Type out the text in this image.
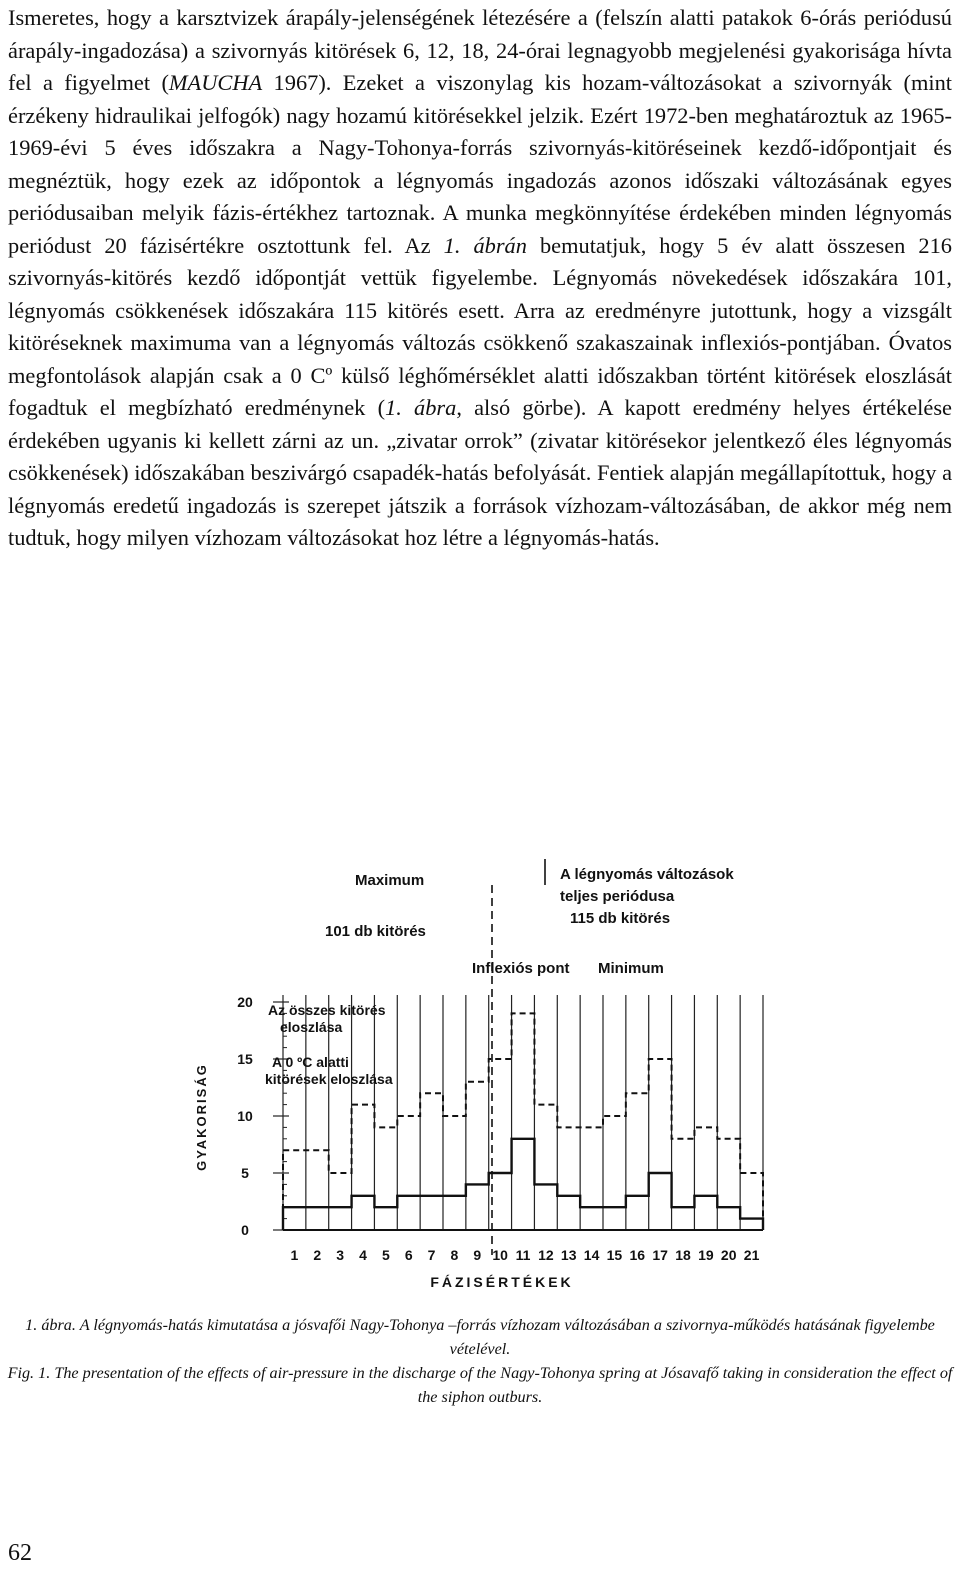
Ismeretes, hogy a karsztvizek árapály-jelenségének létezésére a (felszín alatti patakok 6-órás periódusú árapály-ingadozása) a szivornyás kitörések 6, 12, 18, 24-órai legnagyobb megjelenési gyakorisága hívta fel a figyelmet (MAUCHA 1967). Ezeket a viszonylag kis hozam-változásokat a szivornyák (mint érzékeny hidraulikai jelfogók) nagy hozamú kitörésekkel jelzik. Ezért 1972-ben meghatároztuk az 1965-1969-évi 5 éves időszakra a Nagy-Tohonya-forrás szivornyás-kitöréseinek kezdő-időpontjait és megnéztük, hogy ezek az időpontok a légnyomás ingadozás azonos időszaki változásának egyes periódusaiban melyik fázis-értékhez tartoznak. A munka megkönnyítése érdekében minden légnyomás periódust 20 fázisértékre osztottunk fel. Az 1. ábrán bemutatjuk, hogy 5 év alatt összesen 216 szivornyás-kitörés kezdő időpontját vettük figyelembe. Légnyomás növekedések időszakára 101, légnyomás csökkenések időszakára 115 kitörés esett. Arra az eredményre jutottunk, hogy a vizsgált kitöréseknek maximuma van a légnyomás változás csökkenő szakaszainak inflexiós-pontjában. Óvatos megfontolások alapján csak a 0 Cº külső léghőmérséklet alatti időszakban történt kitörések eloszlását fogadtuk el megbízható eredménynek (1. ábra, alsó görbe). A kapott eredmény helyes értékelése érdekében ugyanis ki kellett zárni az un. „zivatar orrok” (zivatar kitörésekor jelentkező éles légnyomás csökkenések) időszakában beszivárgó csapadék-hatás befolyását. Fentiek alapján megállapítottuk, hogy a légnyomás eredetű ingadozás is szerepet játszik a források vízhozam-változásában, de akkor még nem tudtuk, hogy milyen vízhozam változásokat hoz létre a légnyomás-hatás.

0
5
10
15
20
1 2 3 4 5 6 7 8 9 10 11 12 13 14 15 16 17 18 19 20 21
Maximum
101 db kitörés
A légnyomás változások
teljes periódusa
115 db kitörés
Inflexiós pont Minimum
Az összes kitörés
eloszlása
A 0 ºC alatti
kitörések eloszlása
GYAKORISÁG
FÁZISÉRTÉKEK

1. ábra. A légnyomás-hatás kimutatása a jósvafői Nagy-Tohonya –forrás vízhozam változásában a szivornya-működés hatásának figyelembe vételével.

Fig. 1. The presentation of the effects of air-pressure in the discharge of the Nagy-Tohonya spring at Jósavafő taking in consideration the effect of the siphon outburs.

62
